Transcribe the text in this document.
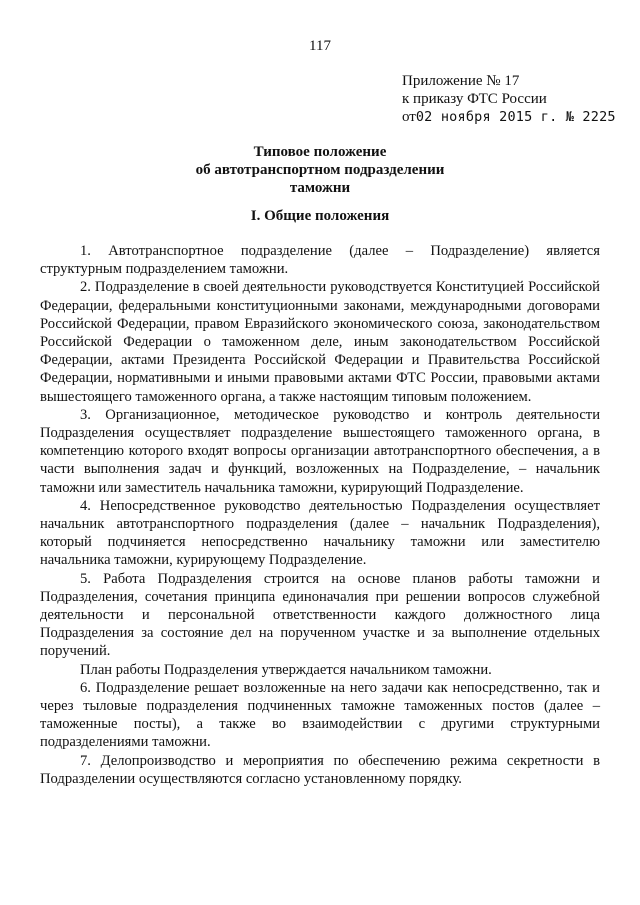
117
Приложение № 17
к приказу ФТС России
от02 ноября 2015 г. № 2225
Типовое положение
об автотранспортном подразделении
таможни
I. Общие положения

1. Автотранспортное подразделение (далее – Подразделение) является структурным подразделением таможни.

2. Подразделение в своей деятельности руководствуется Конституцией Российской Федерации, федеральными конституционными законами, международными договорами Российской Федерации, правом Евразийского экономического союза, законодательством Российской Федерации о таможенном деле, иным законодательством Российской Федерации, актами Президента Российской Федерации и Правительства Российской Федерации, нормативными и иными правовыми актами ФТС России, правовыми актами вышестоящего таможенного органа, а также настоящим типовым положением.

3. Организационное, методическое руководство и контроль деятельности Подразделения осуществляет подразделение вышестоящего таможенного органа, в компетенцию которого входят вопросы организации автотранспортного обеспечения, а в части выполнения задач и функций, возложенных на Подразделение, – начальник таможни или заместитель начальника таможни, курирующий Подразделение.

4. Непосредственное руководство деятельностью Подразделения осуществляет начальник автотранспортного подразделения (далее – начальник Подразделения), который подчиняется непосредственно начальнику таможни или заместителю начальника таможни, курирующему Подразделение.

5. Работа Подразделения строится на основе планов работы таможни и Подразделения, сочетания принципа единоначалия при решении вопросов служебной деятельности и персональной ответственности каждого должностного лица Подразделения за состояние дел на порученном участке и за выполнение отдельных поручений.

План работы Подразделения утверждается начальником таможни.

6. Подразделение решает возложенные на него задачи как непосредственно, так и через тыловые подразделения подчиненных таможне таможенных постов (далее – таможенные посты), а также во взаимодействии с другими структурными подразделениями таможни.

7. Делопроизводство и мероприятия по обеспечению режима секретности в Подразделении осуществляются согласно установленному порядку.
